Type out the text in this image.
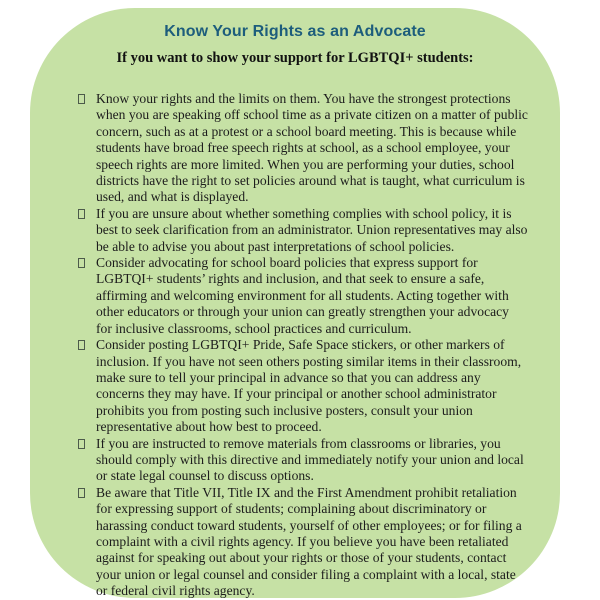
Know Your Rights as an Advocate
If you want to show your support for LGBTQI+ students:
Know your rights and the limits on them. You have the strongest protections when you are speaking off school time as a private citizen on a matter of public concern, such as at a protest or a school board meeting. This is because while students have broad free speech rights at school, as a school employee, your speech rights are more limited. When you are performing your duties, school districts have the right to set policies around what is taught, what curriculum is used, and what is displayed.
If you are unsure about whether something complies with school policy, it is best to seek clarification from an administrator. Union representatives may also be able to advise you about past interpretations of school policies.
Consider advocating for school board policies that express support for LGBTQI+ students’ rights and inclusion, and that seek to ensure a safe, affirming and welcoming environment for all students. Acting together with other educators or through your union can greatly strengthen your advocacy for inclusive classrooms, school practices and curriculum.
Consider posting LGBTQI+ Pride, Safe Space stickers, or other markers of inclusion. If you have not seen others posting similar items in their classroom, make sure to tell your principal in advance so that you can address any concerns they may have. If your principal or another school administrator prohibits you from posting such inclusive posters, consult your union representative about how best to proceed.
If you are instructed to remove materials from classrooms or libraries, you should comply with this directive and immediately notify your union and local or state legal counsel to discuss options.
Be aware that Title VII, Title IX and the First Amendment prohibit retaliation for expressing support of students; complaining about discriminatory or harassing conduct toward students, yourself of other employees; or for filing a complaint with a civil rights agency. If you believe you have been retaliated against for speaking out about your rights or those of your students, contact your union or legal counsel and consider filing a complaint with a local, state or federal civil rights agency.
